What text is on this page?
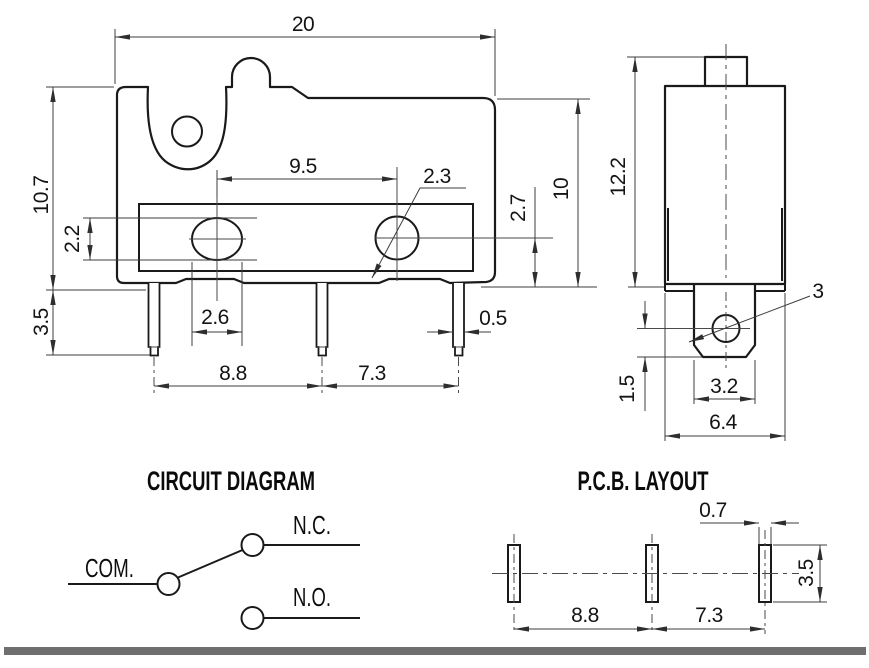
20
10.7
3.5
2.2
9.5	2.3
2.6
8.8	7.3
0.5
2.7
10 12.2
1.5	3.2
6.4
3
CIRCUIT DIAGRAM
COM.
N.C.
N.O.
P.C.B. LAYOUT
0.7
3.5
8.8	7.3
